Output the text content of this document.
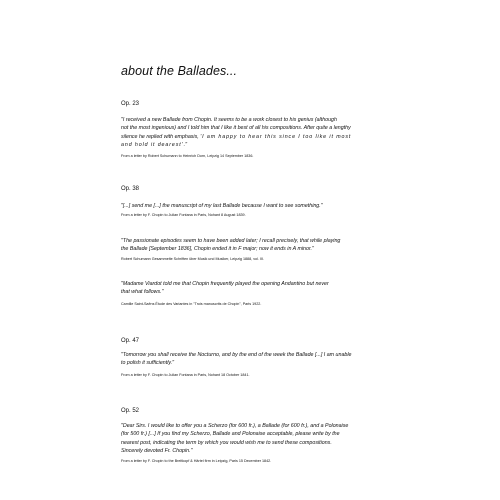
about the Ballades...
Op. 23
"I received a new Ballade from Chopin. It seems to be a work closest to his genius (although
not the most ingenious) and I told him that I like it best of all his compositions. After quite a lengthy
silence he replied with emphasis, 'I am happy to hear this since I too like it most
and hold it dearest'."
From a letter by Robert Schumann to Heinrich Dorn, Leipzig 14 September 1836.
Op. 38
"[...] send me [...] the manuscript of my last Ballade because I want to see something."
From a letter by F. Chopin to Julian Fontana in Paris, Nohant 8 August 1839.
"The passionate episodes seem to have been added later; I recall precisely, that while playing
the Ballade [September 1836], Chopin ended it in F major; now it ends in A minor."
Robert Schumann Gesammelte Schriften über Musik und Musiker, Leipzig 1888, vol. III.
"Madame Viardot told me that Chopin frequently played the opening Andantino but never
that what follows."
Camille Saint-Saëns Étude des Variantes in "Trois manuscrits de Chopin", Paris 1922.
Op. 47
"Tomorrow you shall receive the Nocturno, and by the end of the week the Ballade [...] I am unable
to polish it sufficiently."
From a letter by F. Chopin to Julian Fontana in Paris, Nohant 18 October 1841.
Op. 52
"Dear Sirs. I would like to offer you a Scherzo (for 600 fr.), a Ballade (for 600 fr.), and a Polonaise
(for 500 fr.) [...] If you find my Scherzo, Ballade and Polonaise acceptable, please write by the
nearest post, indicating the term by which you would wish me to send these compositions.
Sincerely devoted Fr. Chopin."
From a letter by F. Chopin to the Breitkopf & Härtel firm in Leipzig, Paris 15 December 1842.
